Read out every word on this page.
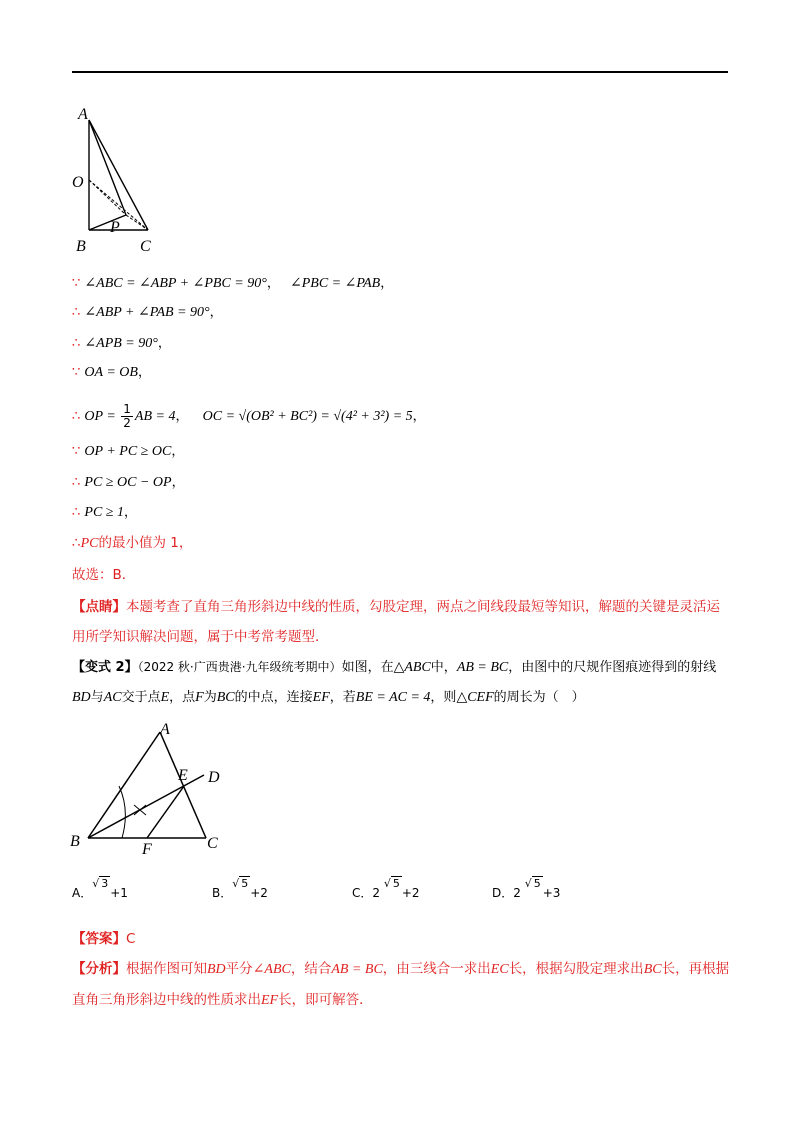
A
O
P
B	C
∵ ∠ABC = ∠ABP + ∠PBC = 90°， ∠PBC = ∠PAB，
∴ ∠ABP + ∠PAB = 90°，
∴ ∠APB = 90°，
∵ OA = OB，
∴ OP = $\frac{1}{2}$ AB = 4， OC = √(OB² + BC²) = √(4² + 3²) = 5，
∵ OP + PC ≥ OC，
∴ PC ≥ OC − OP，
∴ PC ≥ 1，
∴PC的最小值为 1，
故选：B．
【点睛】本题考查了直角三角形斜边中线的性质，勾股定理，两点之间线段最短等知识，解题的关键是灵活运用所学知识解决问题，属于中考常考题型．
【变式 2】（2022 秋·广西贵港·九年级统考期中）如图，在△ABC中，AB = BC，由图中的尺规作图痕迹得到的射线BD与AC交于点E，点F为BC的中点，连接EF，若BE = AC = 4，则△CEF的周长为（　）
A
E D
B	F	C
A．√ 3+1	B．√ 5+2	C．2 √ 5+2	D．2 √ 5+3
【答案】C
【分析】根据作图可知BD平分∠ABC，结合AB = BC，由三线合一求出EC长，根据勾股定理求出BC长，再根据直角三角形斜边中线的性质求出EF长，即可解答．
